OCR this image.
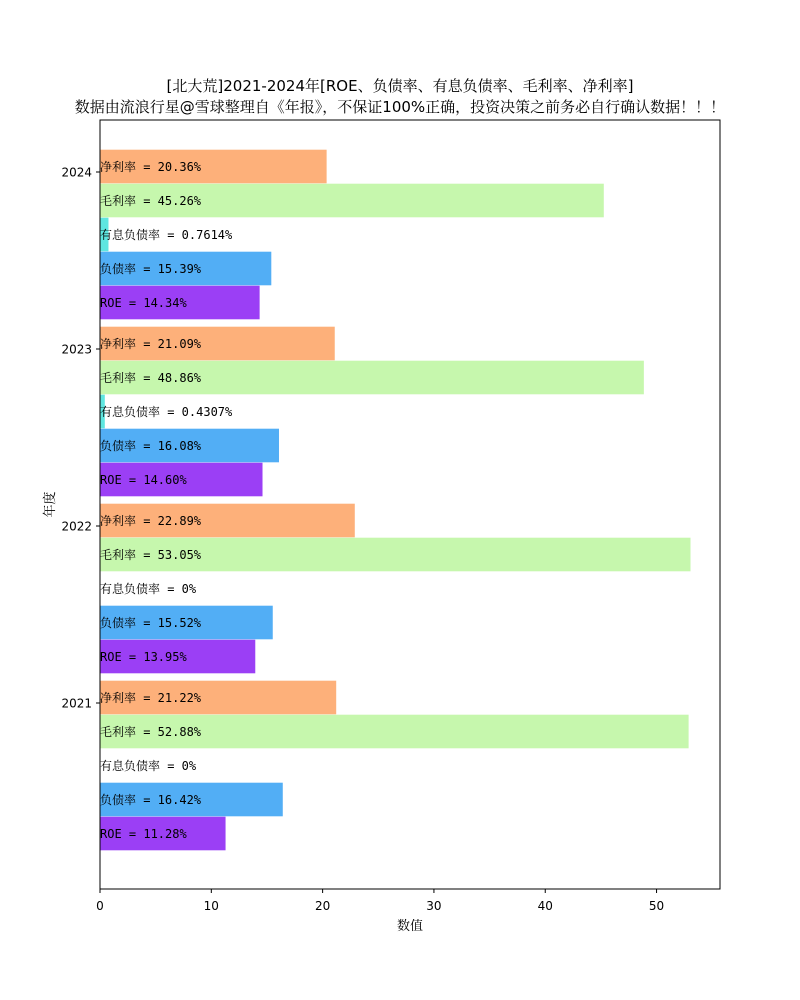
[北大荒]2021-2024年[ROE、负债率、有息负债率、毛利率、净利率]
数据由流浪行星@雪球整理自《年报》，不保证100%正确，投资决策之前务必自行确认数据！！！
ROE = 11.28%
ROE = 13.95%
ROE = 14.60%
ROE = 14.34%
负债率 = 16.42%
负债率 = 15.52%
负债率 = 16.08%
负债率 = 15.39%
有息负债率 = 0%
有息负债率 = 0%
有息负债率 = 0.4307%
有息负债率 = 0.7614%
毛利率 = 52.88%
毛利率 = 53.05%
毛利率 = 48.86%
毛利率 = 45.26%
净利率 = 21.22%
净利率 = 22.89%
净利率 = 21.09%
净利率 = 20.36%
0	10	20	30	40	50
2021
2022
2023
2024
数值
年度
